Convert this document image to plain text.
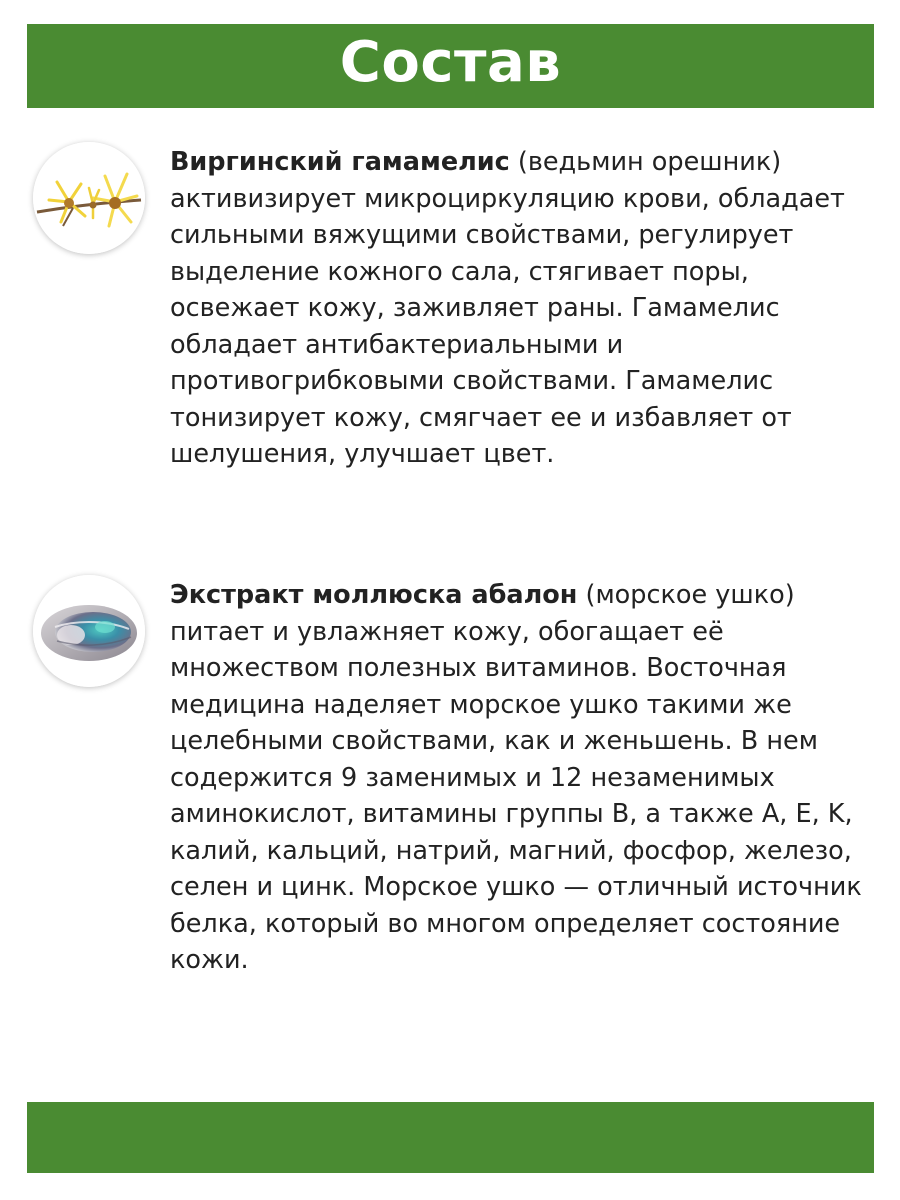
Состав

Виргинский гамамелис (ведьмин орешник) активизирует микроциркуляцию крови, обладает сильными вяжущими свойствами, регулирует выделение кожного сала, стягивает поры, освежает кожу, заживляет раны. Гамамелис обладает антибактериальными и противогрибковыми свойствами. Гамамелис тонизирует кожу, смягчает ее и избавляет от шелушения, улучшает цвет.

Экстракт моллюска абалон (морское ушко) питает и увлажняет кожу, обогащает её множеством полезных витаминов. Восточная медицина наделяет морское ушко такими же целебными свойствами, как и женьшень. В нем содержится 9 заменимых и 12 незаменимых аминокислот, витамины группы B, а также A, E, K, калий, кальций, натрий, магний, фосфор, железо, селен и цинк. Морское ушко — отличный источник белка, который во многом определяет состояние кожи.
